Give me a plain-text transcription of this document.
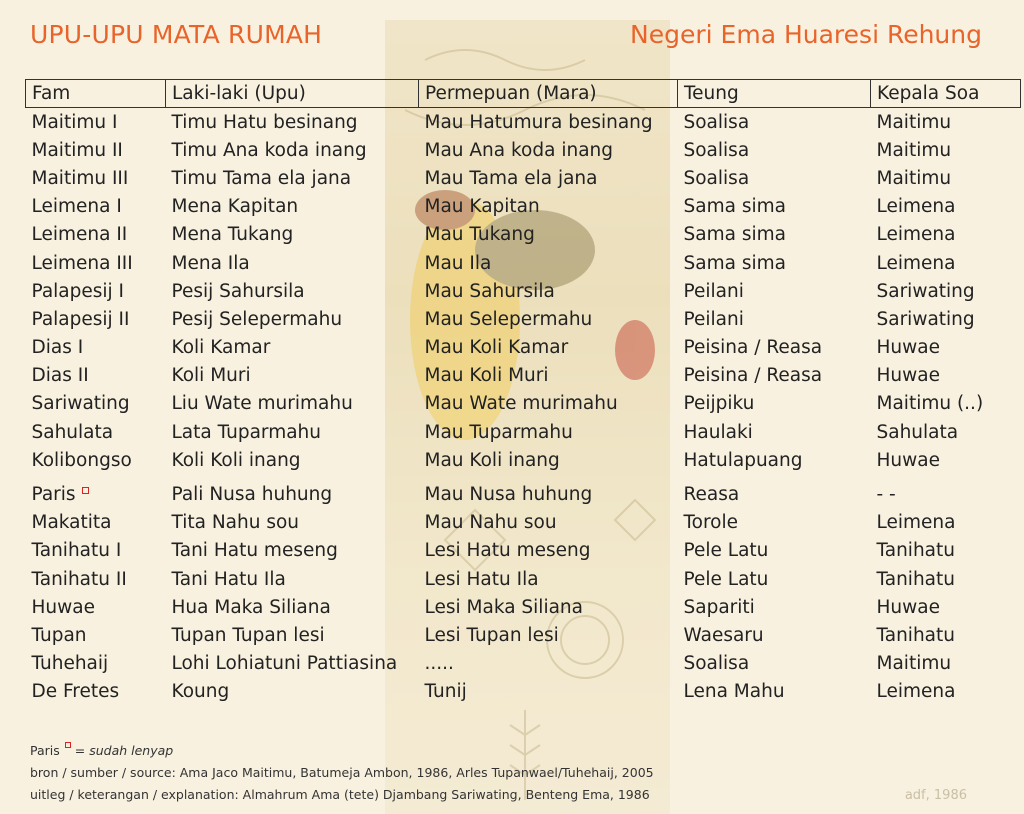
UPU-UPU MATA RUMAH	Negeri Ema Huaresi Rehung
Fam	Laki-laki (Upu)	Permepuan (Mara)	Teung	Kepala Soa
Maitimu I	Timu Hatu besinang	Mau Hatumura besinang	Soalisa	Maitimu
Maitimu II	Timu Ana koda inang	Mau Ana koda inang	Soalisa	Maitimu
Maitimu III	Timu Tama ela jana	Mau Tama ela jana	Soalisa	Maitimu
Leimena I	Mena Kapitan	Mau Kapitan	Sama sima	Leimena
Leimena II	Mena Tukang	Mau Tukang	Sama sima	Leimena
Leimena III	Mena Ila	Mau Ila	Sama sima	Leimena
Palapesij I	Pesij Sahursila	Mau Sahursila	Peilani	Sariwating
Palapesij II	Pesij Selepermahu	Mau Selepermahu	Peilani	Sariwating
Dias I	Koli Kamar	Mau Koli Kamar	Peisina / Reasa	Huwae
Dias II	Koli Muri	Mau Koli Muri	Peisina / Reasa	Huwae
Sariwating	Liu Wate murimahu	Mau Wate murimahu	Peijpiku	Maitimu (..)
Sahulata	Lata Tuparmahu	Mau Tuparmahu	Haulaki	Sahulata
Kolibongso	Koli Koli inang	Mau Koli inang	Hatulapuang	Huwae
Paris	Pali Nusa huhung	Mau Nusa huhung	Reasa	- -
Makatita	Tita Nahu sou	Mau Nahu sou	Torole	Leimena
Tanihatu I	Tani Hatu meseng	Lesi Hatu meseng	Pele Latu	Tanihatu
Tanihatu II	Tani Hatu Ila	Lesi Hatu Ila	Pele Latu	Tanihatu
Huwae	Hua Maka Siliana	Lesi Maka Siliana	Sapariti	Huwae
Tupan	Tupan Tupan lesi	Lesi Tupan lesi	Waesaru	Tanihatu
Tuhehaij	Lohi Lohiatuni Pattiasina	.....	Soalisa	Maitimu
De Fretes	Koung	Tunij	Lena Mahu	Leimena
Paris = sudah lenyap
bron / sumber / source: Ama Jaco Maitimu, Batumeja Ambon, 1986, Arles Tupanwael/Tuhehaij, 2005
uitleg / keterangan / explanation: Almahrum Ama (tete) Djambang Sariwating, Benteng Ema, 1986	adf, 1986
